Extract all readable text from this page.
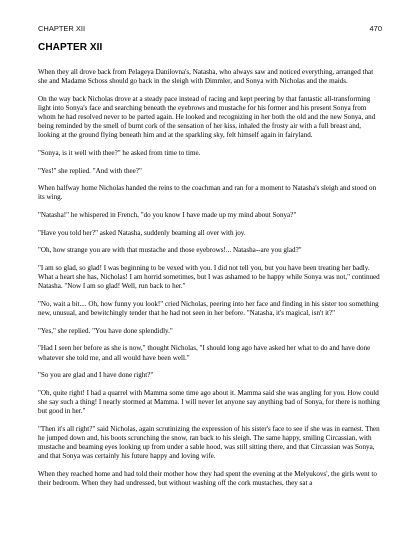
CHAPTER XII	470
CHAPTER XII

When they all drove back from Pelageya Danilovna's, Natasha, who always saw and noticed everything, arranged that she and Madame Schoss should go back in the sleigh with Dimmler, and Sonya with Nicholas and the maids.

On the way back Nicholas drove at a steady pace instead of racing and kept peering by that fantastic all-transforming light into Sonya's face and searching beneath the eyebrows and mustache for his former and his present Sonya from whom he had resolved never to be parted again. He looked and recognizing in her both the old and the new Sonya, and being reminded by the smell of burnt cork of the sensation of her kiss, inhaled the frosty air with a full breast and, looking at the ground flying beneath him and at the sparkling sky, felt himself again in fairyland.

"Sonya, is it well with thee?" he asked from time to time.

"Yes!" she replied. "And with thee?"

When halfway home Nicholas handed the reins to the coachman and ran for a moment to Natasha's sleigh and stood on its wing.

"Natasha!" he whispered in French, "do you know I have made up my mind about Sonya?"

"Have you told her?" asked Natasha, suddenly beaming all over with joy.

"Oh, how strange you are with that mustache and those eyebrows!... Natasha--are you glad?"

"I am so glad, so glad! I was beginning to be vexed with you. I did not tell you, but you have been treating her badly. What a heart she has, Nicholas! I am horrid sometimes, but I was ashamed to be happy while Sonya was not," continued Natasha. "Now I am so glad! Well, run back to her."

"No, wait a bit.... Oh, how funny you look!" cried Nicholas, peering into her face and finding in his sister too something new, unusual, and bewitchingly tender that he had not seen in her before. "Natasha, it's magical, isn't it?"

"Yes," she replied. "You have done splendidly."

"Had I seen her before as she is now," thought Nicholas, "I should long ago have asked her what to do and have done whatever she told me, and all would have been well."

"So you are glad and I have done right?"

"Oh, quite right! I had a quarrel with Mamma some time ago about it. Mamma said she was angling for you. How could she say such a thing! I nearly stormed at Mamma. I will never let anyone say anything bad of Sonya, for there is nothing but good in her."

"Then it's all right?" said Nicholas, again scrutinizing the expression of his sister's face to see if she was in earnest. Then he jumped down and, his boots scrunching the snow, ran back to his sleigh. The same happy, smiling Circassian, with mustache and beaming eyes looking up from under a sable hood, was still sitting there, and that Circassian was Sonya, and that Sonya was certainly his future happy and loving wife.

When they reached home and had told their mother how they had spent the evening at the Melyukovs', the girls went to their bedroom. When they had undressed, but without washing off the cork mustaches, they sat a
